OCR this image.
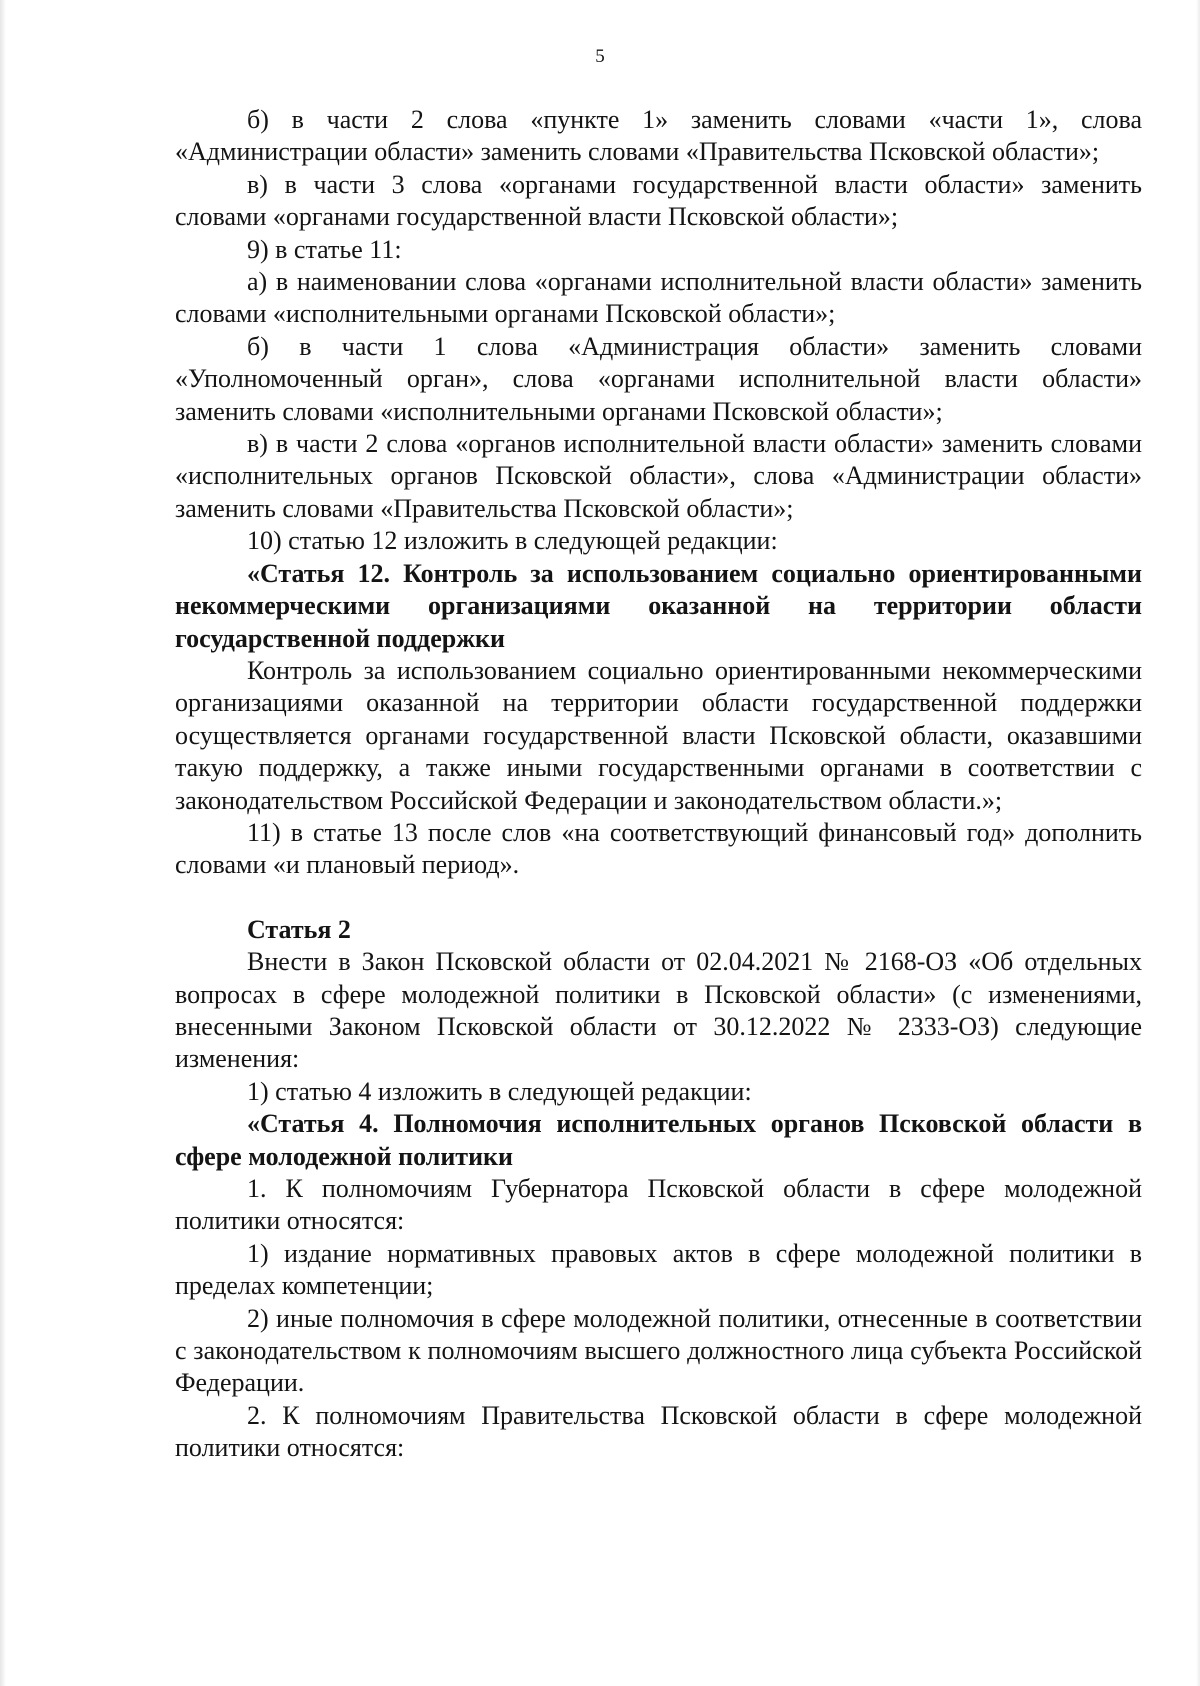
5

б) в части 2 слова «пункте 1» заменить словами «части 1», слова «Администрации области» заменить словами «Правительства Псковской области»;

в) в части 3 слова «органами государственной власти области» заменить словами «органами государственной власти Псковской области»;

9) в статье 11:

а) в наименовании слова «органами исполнительной власти области» заменить словами «исполнительными органами Псковской области»;

б) в части 1 слова «Администрация области» заменить словами «Уполномоченный орган», слова «органами исполнительной власти области» заменить словами «исполнительными органами Псковской области»;

в) в части 2 слова «органов исполнительной власти области» заменить словами «исполнительных органов Псковской области», слова «Администрации области» заменить словами «Правительства Псковской области»;

10) статью 12 изложить в следующей редакции:

«Статья 12. Контроль за использованием социально ориентированными некоммерческими организациями оказанной на территории области государственной поддержки

Контроль за использованием социально ориентированными некоммерческими организациями оказанной на территории области государственной поддержки осуществляется органами государственной власти Псковской области, оказавшими такую поддержку, а также иными государственными органами в соответствии с законодательством Российской Федерации и законодательством области.»;

11) в статье 13 после слов «на соответствующий финансовый год» дополнить словами «и плановый период».

Статья 2

Внести в Закон Псковской области от 02.04.2021 № 2168-ОЗ «Об отдельных вопросах в сфере молодежной политики в Псковской области» (с изменениями, внесенными Законом Псковской области от 30.12.2022 № 2333-ОЗ) следующие изменения:

1) статью 4 изложить в следующей редакции:

«Статья 4. Полномочия исполнительных органов Псковской области в сфере молодежной политики

1. К полномочиям Губернатора Псковской области в сфере молодежной политики относятся:

1) издание нормативных правовых актов в сфере молодежной политики в пределах компетенции;

2) иные полномочия в сфере молодежной политики, отнесенные в соответствии с законодательством к полномочиям высшего должностного лица субъекта Российской Федерации.

2. К полномочиям Правительства Псковской области в сфере молодежной политики относятся:
